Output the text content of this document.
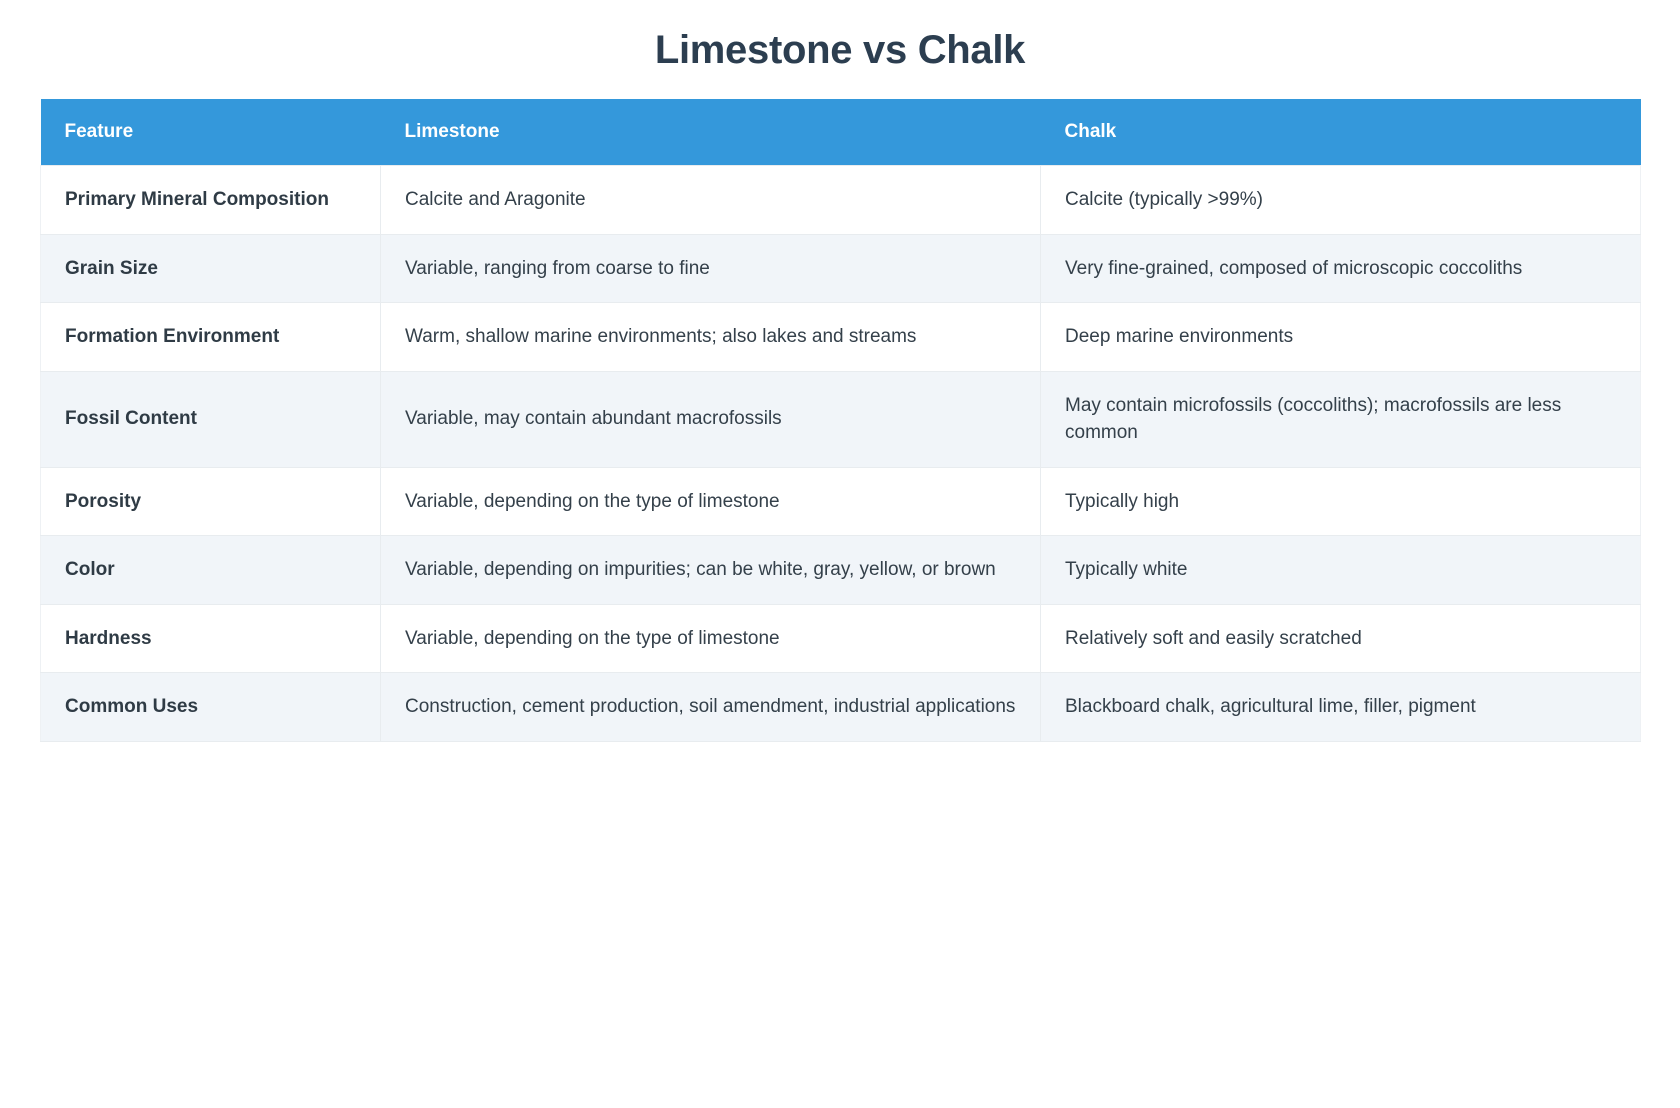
Limestone vs Chalk
Feature	Limestone	Chalk
Primary Mineral Composition	Calcite and Aragonite	Calcite (typically >99%)
Grain Size	Variable, ranging from coarse to fine	Very fine-grained, composed of microscopic coccoliths
Formation Environment	Warm, shallow marine environments; also lakes and streams	Deep marine environments
Fossil Content	Variable, may contain abundant macrofossils	May contain microfossils (coccoliths); macrofossils are less common
Porosity	Variable, depending on the type of limestone	Typically high
Color	Variable, depending on impurities; can be white, gray, yellow, or brown	Typically white
Hardness	Variable, depending on the type of limestone	Relatively soft and easily scratched
Common Uses	Construction, cement production, soil amendment, industrial applications	Blackboard chalk, agricultural lime, filler, pigment
